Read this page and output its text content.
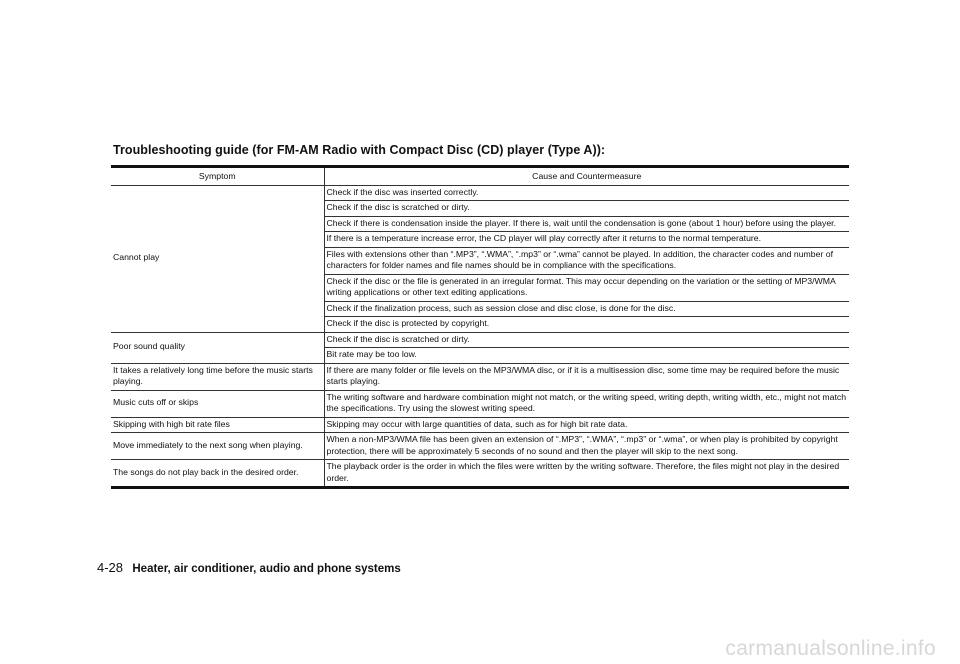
Troubleshooting guide (for FM-AM Radio with Compact Disc (CD) player (Type A)):
Symptom	Cause and Countermeasure
Cannot play	Check if the disc was inserted correctly.
	Check if the disc is scratched or dirty.
	Check if there is condensation inside the player. If there is, wait until the condensation is gone (about 1 hour) before using the player.
	If there is a temperature increase error, the CD player will play correctly after it returns to the normal temperature.
	Files with extensions other than “.MP3”, “.WMA”, “.mp3” or “.wma” cannot be played. In addition, the character codes and number of characters for folder names and file names should be in compliance with the specifications.
	Check if the disc or the file is generated in an irregular format. This may occur depending on the variation or the setting of MP3/WMA writing applications or other text editing applications.
	Check if the finalization process, such as session close and disc close, is done for the disc.
	Check if the disc is protected by copyright.
Poor sound quality	Check if the disc is scratched or dirty.
	Bit rate may be too low.
It takes a relatively long time before the music starts playing.	If there are many folder or file levels on the MP3/WMA disc, or if it is a multisession disc, some time may be required before the music starts playing.
Music cuts off or skips	The writing software and hardware combination might not match, or the writing speed, writing depth, writing width, etc., might not match the specifications. Try using the slowest writing speed.
Skipping with high bit rate files	Skipping may occur with large quantities of data, such as for high bit rate data.
Move immediately to the next song when playing.	When a non-MP3/WMA file has been given an extension of “.MP3”, “.WMA”, “.mp3” or “.wma”, or when play is prohibited by copyright protection, there will be approximately 5 seconds of no sound and then the player will skip to the next song.
The songs do not play back in the desired order.	The playback order is the order in which the files were written by the writing software. Therefore, the files might not play in the desired order.
4-28 Heater, air conditioner, audio and phone systems
carmanualsonline.info
